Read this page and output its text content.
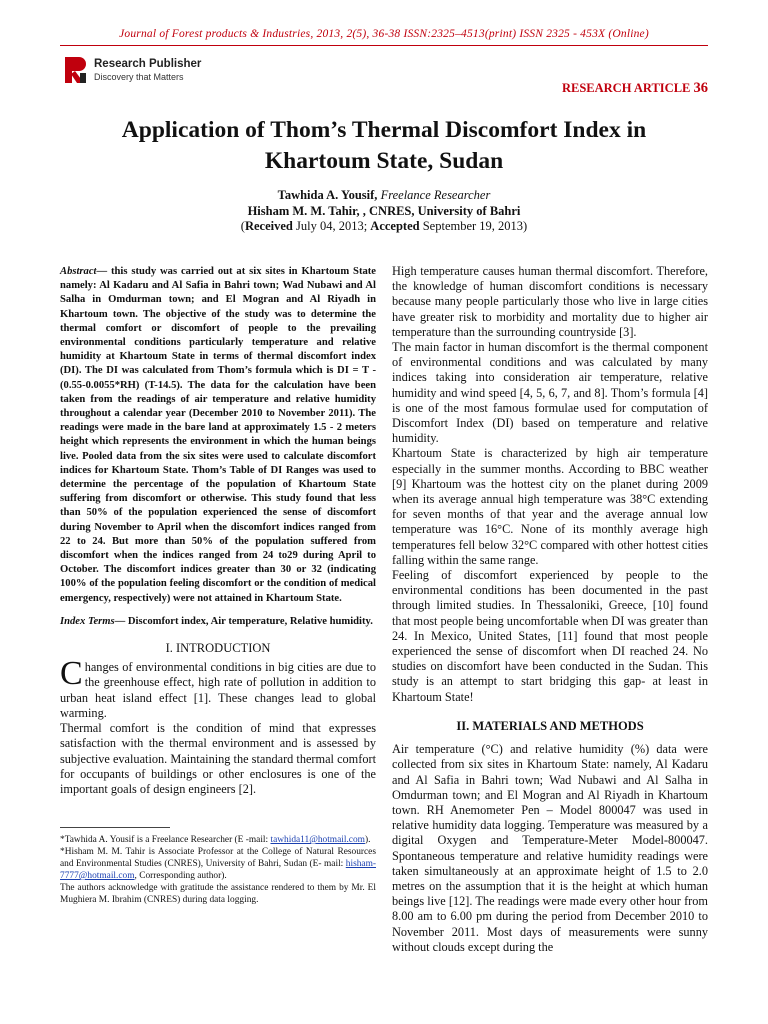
Journal of Forest products & Industries, 2013, 2(5), 36-38 ISSN:2325–4513(print) ISSN 2325 - 453X (Online)
Research Publisher
Discovery that Matters
RESEARCH ARTICLE 36
Application of Thom’s Thermal Discomfort Index in
Khartoum State, Sudan
Tawhida A. Yousif, Freelance Researcher
Hisham M. M. Tahir, , CNRES, University of Bahri
(Received July 04, 2013; Accepted September 19, 2013)
Abstract— this study was carried out at six sites in Khartoum State namely: Al Kadaru and Al Safia in Bahri town; Wad Nubawi and Al Salha in Omdurman town; and El Mogran and Al Riyadh in Khartoum town. The objective of the study was to determine the thermal comfort or discomfort of people to the prevailing environmental conditions particularly temperature and relative humidity at Khartoum State in terms of thermal discomfort index (DI). The DI was calculated from Thom’s formula which is DI = T - (0.55-0.0055*RH) (T-14.5). The data for the calculation have been taken from the readings of air temperature and relative humidity throughout a calendar year (December 2010 to November 2011). The readings were made in the bare land at approximately 1.5 - 2 meters height which represents the environment in which the human beings live. Pooled data from the six sites were used to calculate discomfort indices for Khartoum State. Thom’s Table of DI Ranges was used to determine the percentage of the population of Khartoum State suffering from discomfort or otherwise. This study found that less than 50% of the population experienced the sense of discomfort during November to April when the discomfort indices ranged from 22 to 24. But more than 50% of the population suffered from discomfort when the indices ranged from 24 to29 during April to October. The discomfort indices greater than 30 or 32 (indicating 100% of the population feeling discomfort or the condition of medical emergency, respectively) were not attained in Khartoum State.
Index Terms— Discomfort index, Air temperature, Relative humidity.
I. INTRODUCTION

Changes of environmental conditions in big cities are due to the greenhouse effect, high rate of pollution in addition to urban heat island effect [1]. These changes lead to global warming.

Thermal comfort is the condition of mind that expresses satisfaction with the thermal environment and is assessed by subjective evaluation. Maintaining the standard thermal comfort for occupants of buildings or other enclosures is one of the important goals of design engineers [2].

*Tawhida A. Yousif is a Freelance Researcher (E -mail: tawhida11@hotmail.com).

*Hisham M. M. Tahir is Associate Professor at the College of Natural Resources and Environmental Studies (CNRES), University of Bahri, Sudan (E- mail: hisham-7777@hotmail.com, Corresponding author).

The authors acknowledge with gratitude the assistance rendered to them by Mr. El Mughiera M. Ibrahim (CNRES) during data logging.

High temperature causes human thermal discomfort. Therefore, the knowledge of human discomfort conditions is necessary because many people particularly those who live in large cities have greater risk to morbidity and mortality due to higher air temperature than the surrounding countryside [3].

The main factor in human discomfort is the thermal component of environmental conditions and was calculated by many indices taking into consideration air temperature, relative humidity and wind speed [4, 5, 6, 7, and 8]. Thom’s formula [4] is one of the most famous formulae used for computation of Discomfort Index (DI) based on temperature and relative humidity.

Khartoum State is characterized by high air temperature especially in the summer months. According to BBC weather [9] Khartoum was the hottest city on the planet during 2009 when its average annual high temperature was 38°C extending for seven months of that year and the average annual low temperature was 16°C. None of its monthly average high temperatures fell below 32°C compared with other hottest cities falling within the same range.

Feeling of discomfort experienced by people to the environmental conditions has been documented in the past through limited studies. In Thessaloniki, Greece, [10] found that most people being uncomfortable when DI was greater than 24. In Mexico, United States, [11] found that most people experienced the sense of discomfort when DI reached 24. No studies on discomfort have been conducted in the Sudan. This study is an attempt to start bridging this gap- at least in Khartoum State!

II. MATERIALS AND METHODS

Air temperature (°C) and relative humidity (%) data were collected from six sites in Khartoum State: namely, Al Kadaru and Al Safia in Bahri town; Wad Nubawi and Al Salha in Omdurman town; and El Mogran and Al Riyadh in Khartoum town. RH Anemometer Pen – Model 800047 was used in relative humidity data logging. Temperature was measured by a digital Oxygen and Temperature-Meter Model-800047. Spontaneous temperature and relative humidity readings were taken simultaneously at an approximate height of 1.5 to 2.0 metres on the assumption that it is the height at which human beings live [12]. The readings were made every other hour from 8.00 am to 6.00 pm during the period from December 2010 to November 2011. Most days of measurements were sunny without clouds except during the
